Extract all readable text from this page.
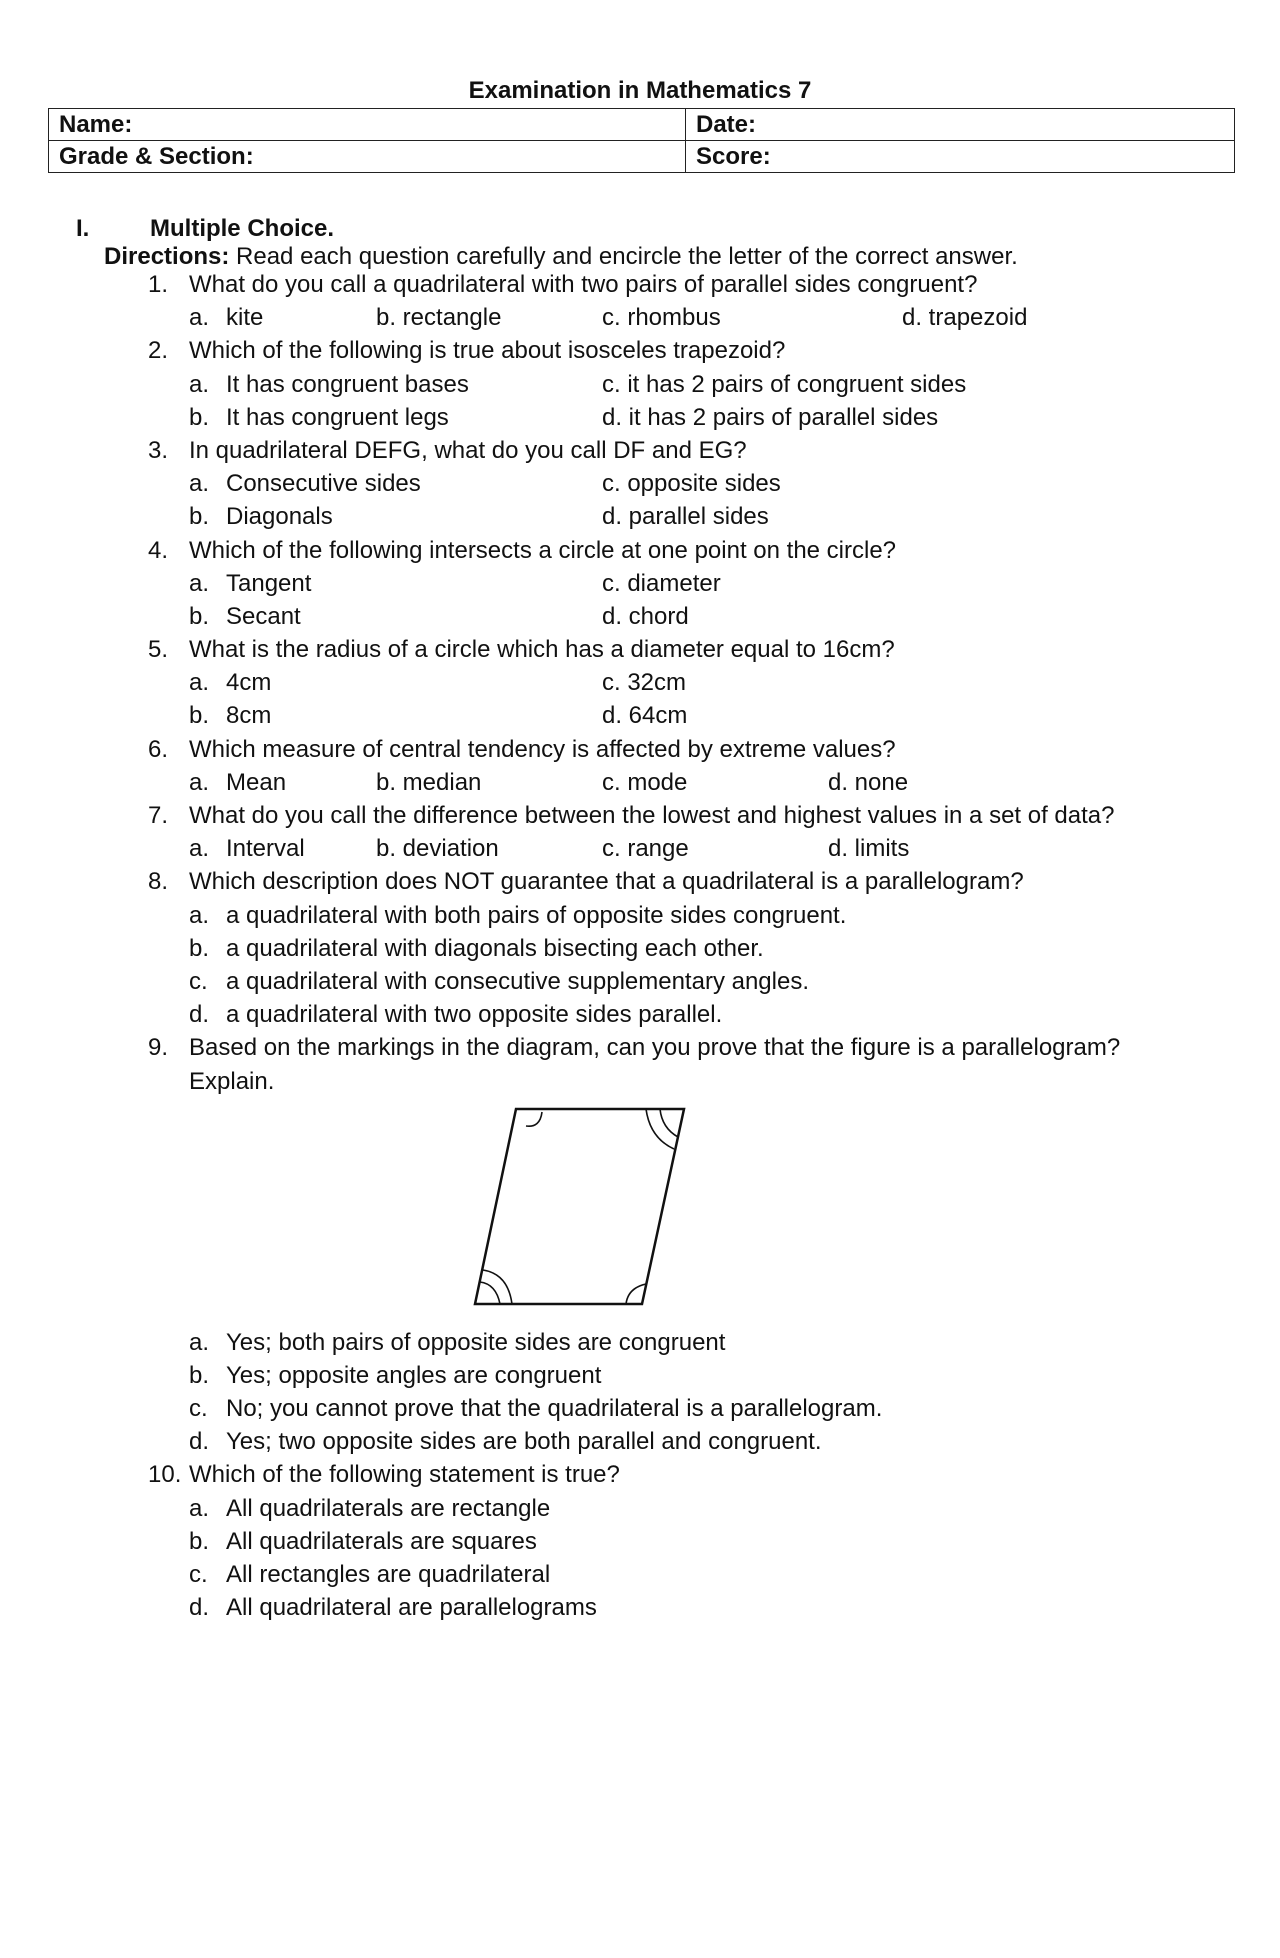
Examination in Mathematics 7
Name:	Date:
Grade & Section:	Score:
I.	Multiple Choice.
Directions: Read each question carefully and encircle the letter of the correct answer.
1. What do you call a quadrilateral with two pairs of parallel sides congruent?
a. kite	b. rectangle	c. rhombus	d. trapezoid
2. Which of the following is true about isosceles trapezoid?
a. It has congruent bases	c. it has 2 pairs of congruent sides
b. It has congruent legs	d. it has 2 pairs of parallel sides
3. In quadrilateral DEFG, what do you call DF and EG?
a. Consecutive sides	c. opposite sides
b. Diagonals	d. parallel sides
4. Which of the following intersects a circle at one point on the circle?
a. Tangent	c. diameter
b. Secant	d. chord
5. What is the radius of a circle which has a diameter equal to 16cm?
a. 4cm	c. 32cm
b. 8cm	d. 64cm
6. Which measure of central tendency is affected by extreme values?
a. Mean	b. median	c. mode	d. none
7. What do you call the difference between the lowest and highest values in a set of data?
a. Interval	b. deviation	c. range	d. limits
8. Which description does NOT guarantee that a quadrilateral is a parallelogram?
a. a quadrilateral with both pairs of opposite sides congruent.
b. a quadrilateral with diagonals bisecting each other.
c. a quadrilateral with consecutive supplementary angles.
d. a quadrilateral with two opposite sides parallel.
9. Based on the markings in the diagram, can you prove that the figure is a parallelogram?
Explain.
a. Yes; both pairs of opposite sides are congruent
b. Yes; opposite angles are congruent
c. No; you cannot prove that the quadrilateral is a parallelogram.
d. Yes; two opposite sides are both parallel and congruent.
10. Which of the following statement is true?
a. All quadrilaterals are rectangle
b. All quadrilaterals are squares
c. All rectangles are quadrilateral
d. All quadrilateral are parallelograms
